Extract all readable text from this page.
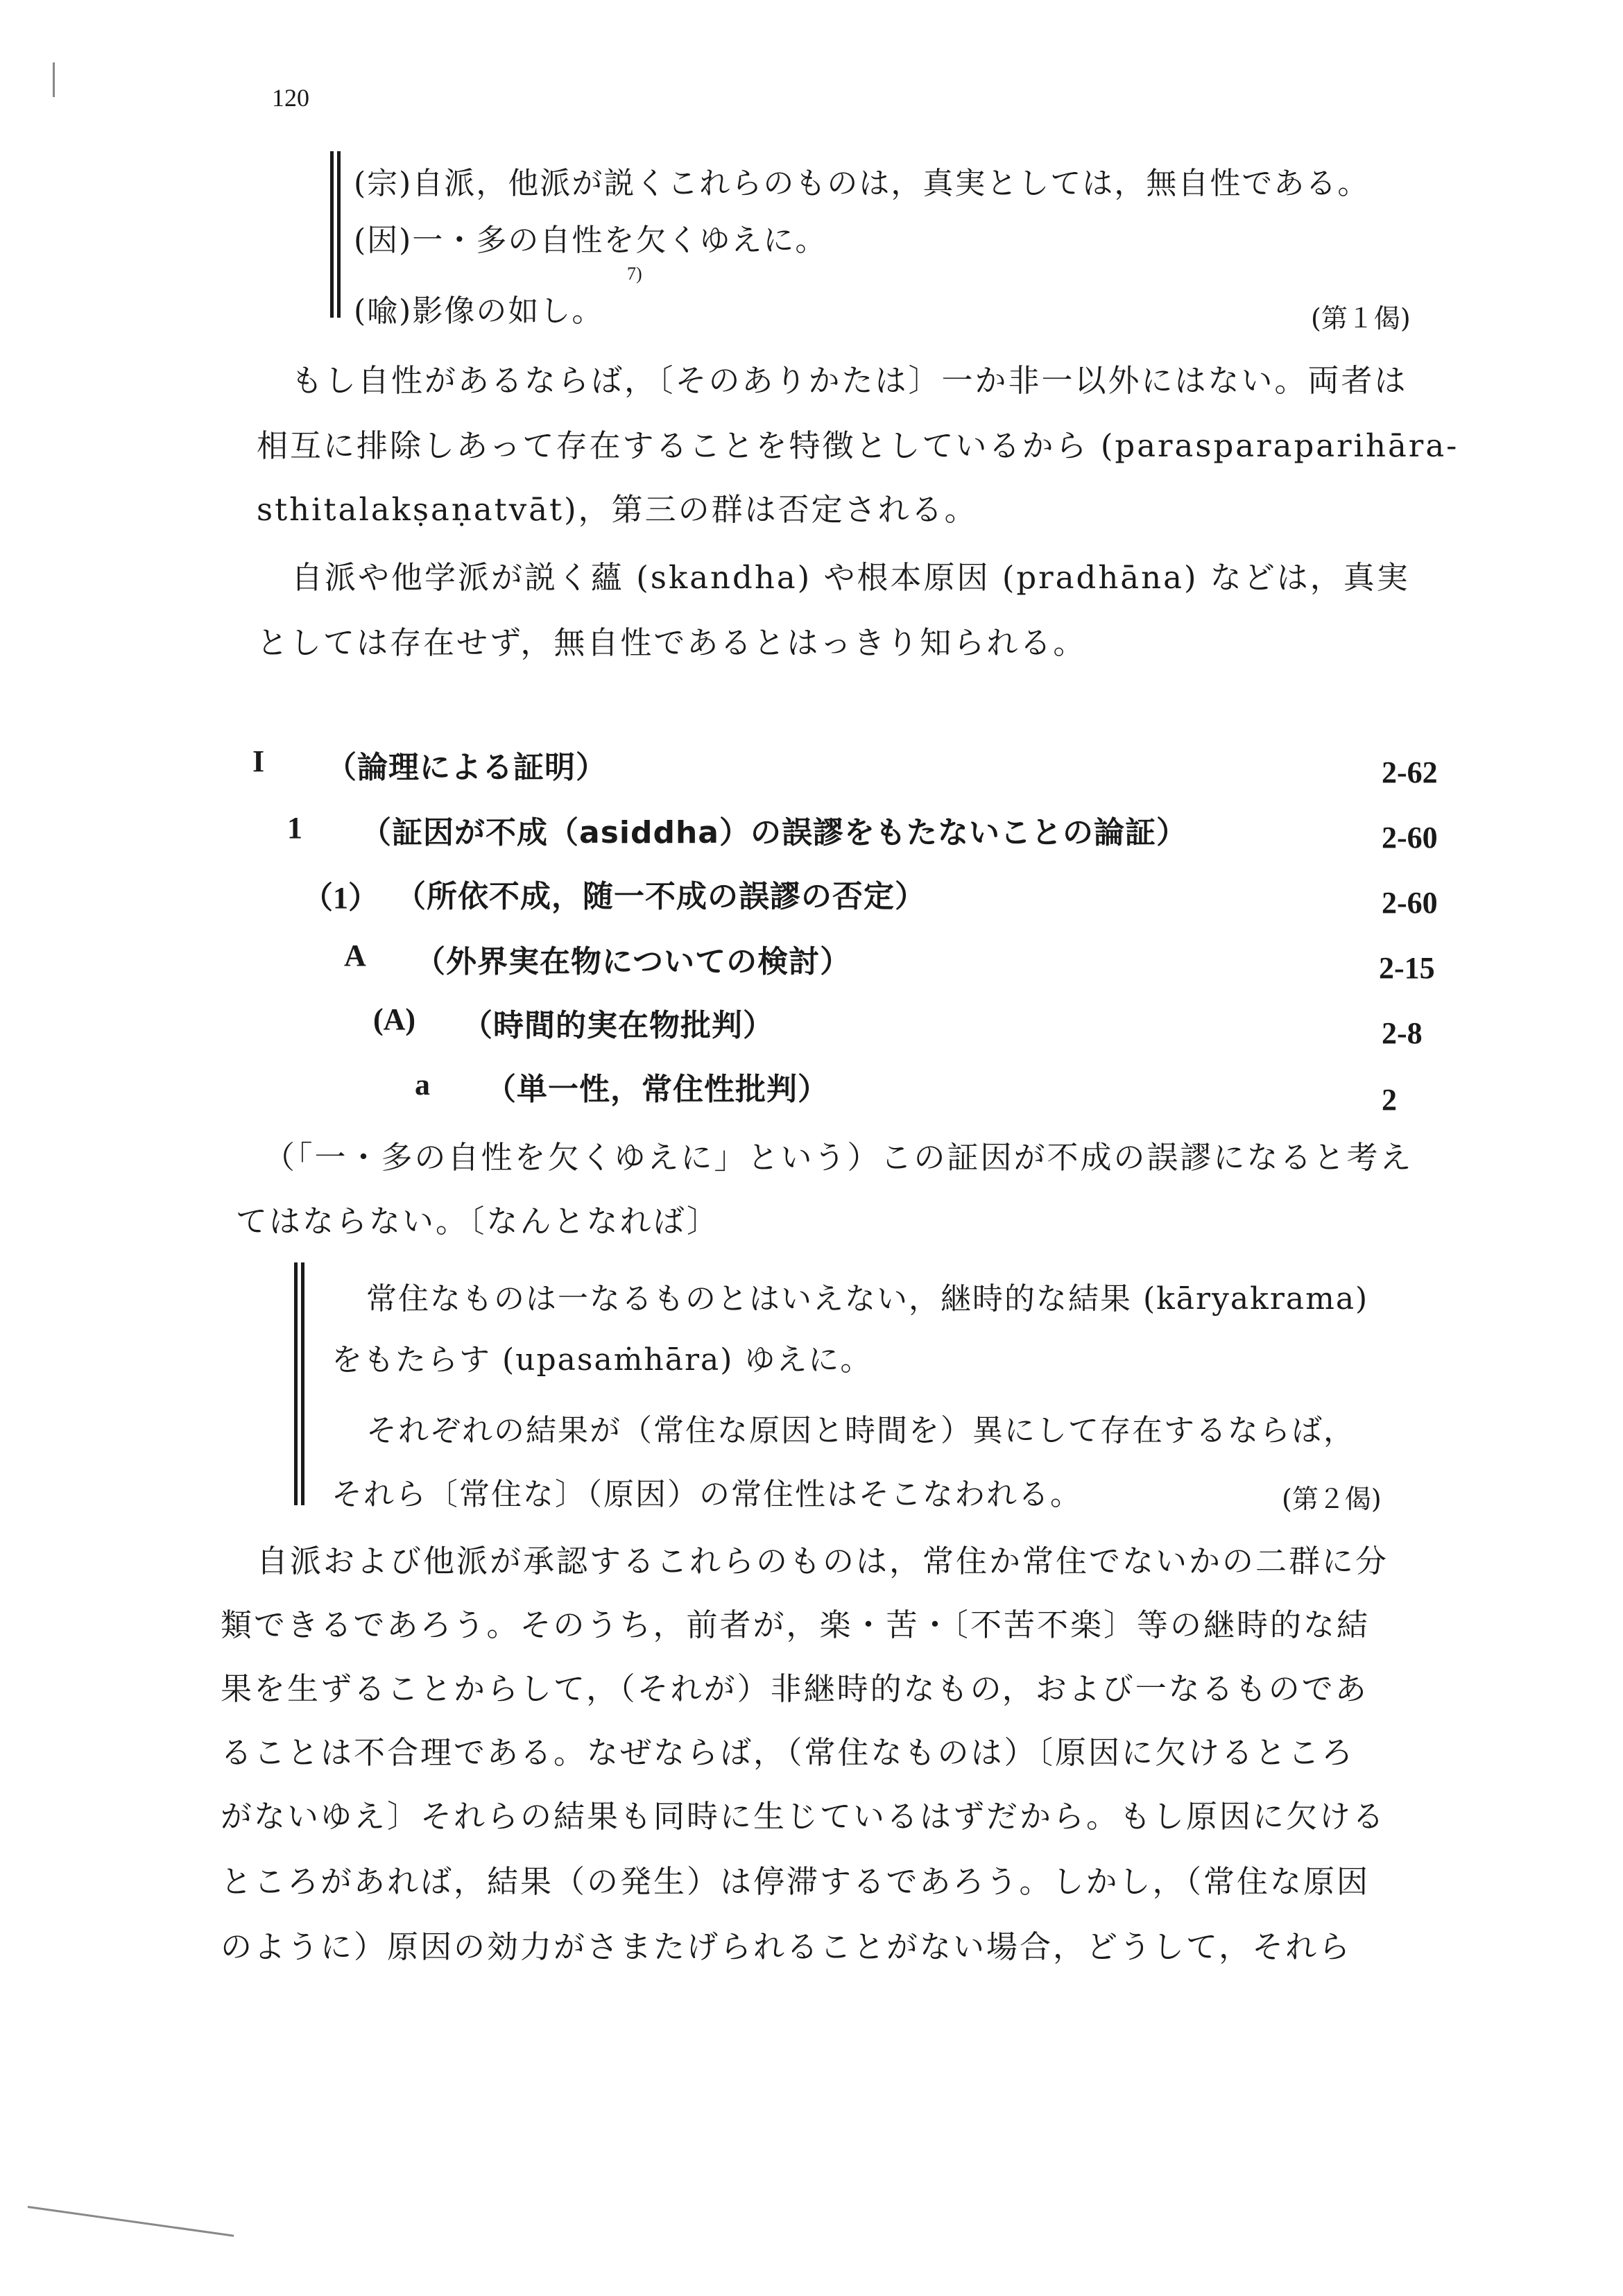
120
(宗)自派，他派が説くこれらのものは，真実としては，無自性である。
(因)一・多の自性を欠くゆえに。
(喩)影像の如し。
7)
(第１偈)
もし自性があるならば，〔そのありかたは〕一か非一以外にはない。両者は
相互に排除しあって存在することを特徴としているから (parasparaparihāra-
sthitalakṣaṇatvāt)，第三の群は否定される。
自派や他学派が説く蘊 (skandha) や根本原因 (pradhāna) などは，真実
としては存在せず，無自性であるとはっきり知られる。
I （論理による証明）	2-62
1 （証因が不成（asiddha）の誤謬をもたないことの論証）	2-60
（1） （所依不成，随一不成の誤謬の否定）	2-60
A （外界実在物についての検討）	2-15
(A) （時間的実在物批判）	2-8
a （単一性，常住性批判）	2
（「一・多の自性を欠くゆえに」という）この証因が不成の誤謬になると考え
てはならない。〔なんとなれば〕
常住なものは一なるものとはいえない，継時的な結果 (kāryakrama)
をもたらす (upasaṁhāra) ゆえに。
それぞれの結果が（常住な原因と時間を）異にして存在するならば，
それら〔常住な〕（原因）の常住性はそこなわれる。	(第２偈)
自派および他派が承認するこれらのものは，常住か常住でないかの二群に分
類できるであろう。そのうち，前者が，楽・苦・〔不苦不楽〕等の継時的な結
果を生ずることからして，（それが）非継時的なもの，および一なるものであ
ることは不合理である。なぜならば，（常住なものは）〔原因に欠けるところ
がないゆえ〕それらの結果も同時に生じているはずだから。もし原因に欠ける
ところがあれば，結果（の発生）は停滞するであろう。しかし，（常住な原因
のように）原因の効力がさまたげられることがない場合，どうして，それら
